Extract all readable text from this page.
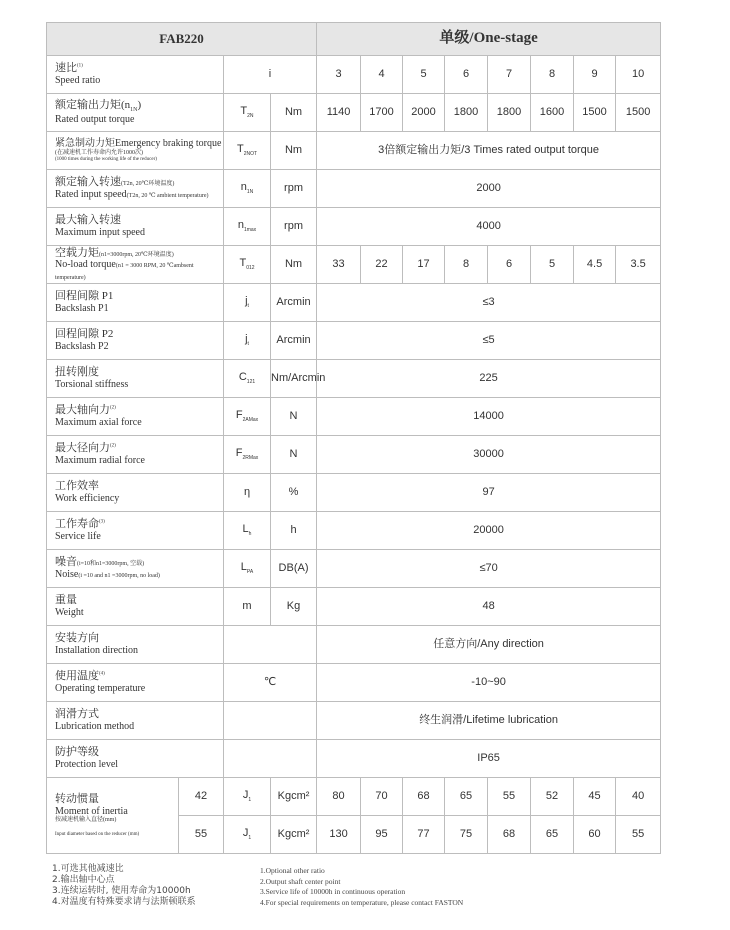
FAB220				单级/One-stage							

速比$^{(1)}$
Speed ratio		i		3	4	5	6	7	8	9	10

额定输出力矩$(n_{1N})$
Rated output torque		$T_{2N}$	Nm	1140	1700	2000	1800	1800	1600	1500	1500

紧急制动力矩Emergency braking torque
(在减速机工作寿命内允许1000次)
(1000 times during the working life of the reducer)		$T_{2NOT}$	Nm	3倍额定输出力矩/3 Times rated output torque							

额定输入转速(T2n, 20℃环境温度)
Rated input speed(T2n, 20 ℃ ambient temperature)		$n_{1N}$	rpm	2000							

最大输入转速
Maximum input speed		$n_{1max}$	rpm	4000							

空载力矩(n1=3000rpm, 20℃环境温度)
No-load torque(n1 = 3000 RPM, 20 ℃ambsent temperature)		$T_{012}$	Nm	33	22	17	8	6	5	4.5	3.5

回程间隙 P1
Backslash P1		$j_t$	Arcmin	≤3							

回程间隙 P2
Backslash P2		$j_t$	Arcmin	≤5							

扭转刚度
Torsional stiffness		$C_{121}$	Nm/Arcmin	225							

最大轴向力$^{(2)}$
Maximum axial force		$F_{2AMax}$	N	14000							

最大径向力$^{(2)}$
Maximum radial force		$F_{2RMax}$	N	30000							

工作效率
Work efficiency		η	%	97							

工作寿命$^{(3)}$
Service life		$L_h$	h	20000							

噪音(i=10和n1=3000rpm, 空载)
Noise(i =10 and n1 =3000rpm, no load)		$L_{PA}$	DB(A)	≤70							

重量
Weight		m	Kg	48							

安装方向
Installation direction				任意方向/Any direction							

使用温度$^{(4)}$
Operating temperature		℃		-10~90							

润滑方式
Lubrication method				终生润滑/Lifetime lubrication							

防护等级
Protection level				IP65							

转动惯量
Moment of inertia
按减速机输入直径(mm)
Input diameter based on the reducer (mm)	42	$J_1$	Kgcm²	80	70	68	65	55	52	45	40
	55	$J_1$	Kgcm²	130	95	77	75	68	65	60	55
1.可选其他减速比
2.输出轴中心点
3.连续运转时, 使用寿命为10000h
4.对温度有特殊要求请与法斯顿联系
1.Optional other ratio
2.Output shaft center point
3.Service life of 10000h in continuous operation
4.For special requirements on temperature, please contact FASTON
